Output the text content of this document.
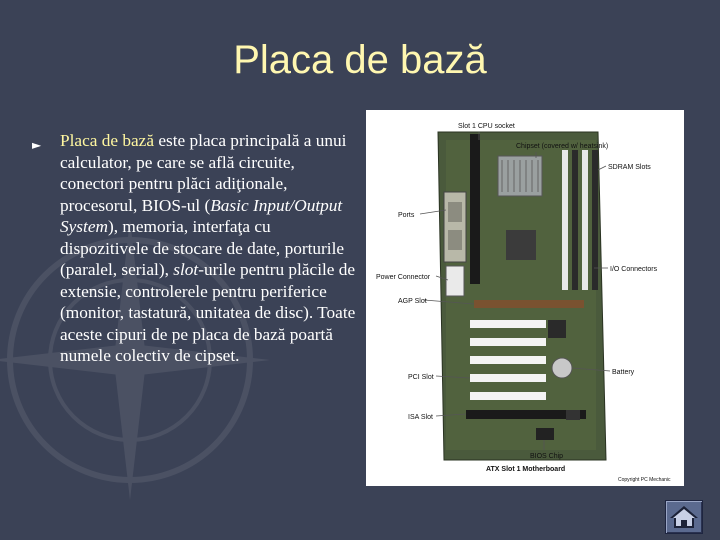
Placa de bază
► Placa de bază este placa principală a unui calculator, pe care se află circuite, conectori pentru plăci adiţionale, procesorul, BIOS-ul (Basic Input/Output System), memoria, interfaţa cu dispozitivele de stocare de date, porturile (paralel, serial), slot-urile pentru plăcile de extensie, controlerele pentru periferice (monitor, tastatură, unitatea de disc). Toate aceste cipuri de pe placa de bază poartă numele colectiv de cipset.
Slot 1 CPU socket
Chipset (covered w/ heatsink)
SDRAM Slots
Ports
I/O Connectors
Power Connector
AGP Slot
Battery
PCI Slot
ISA Slot
BIOS Chip
ATX Slot 1 Motherboard
Copyright PC Mechanic
